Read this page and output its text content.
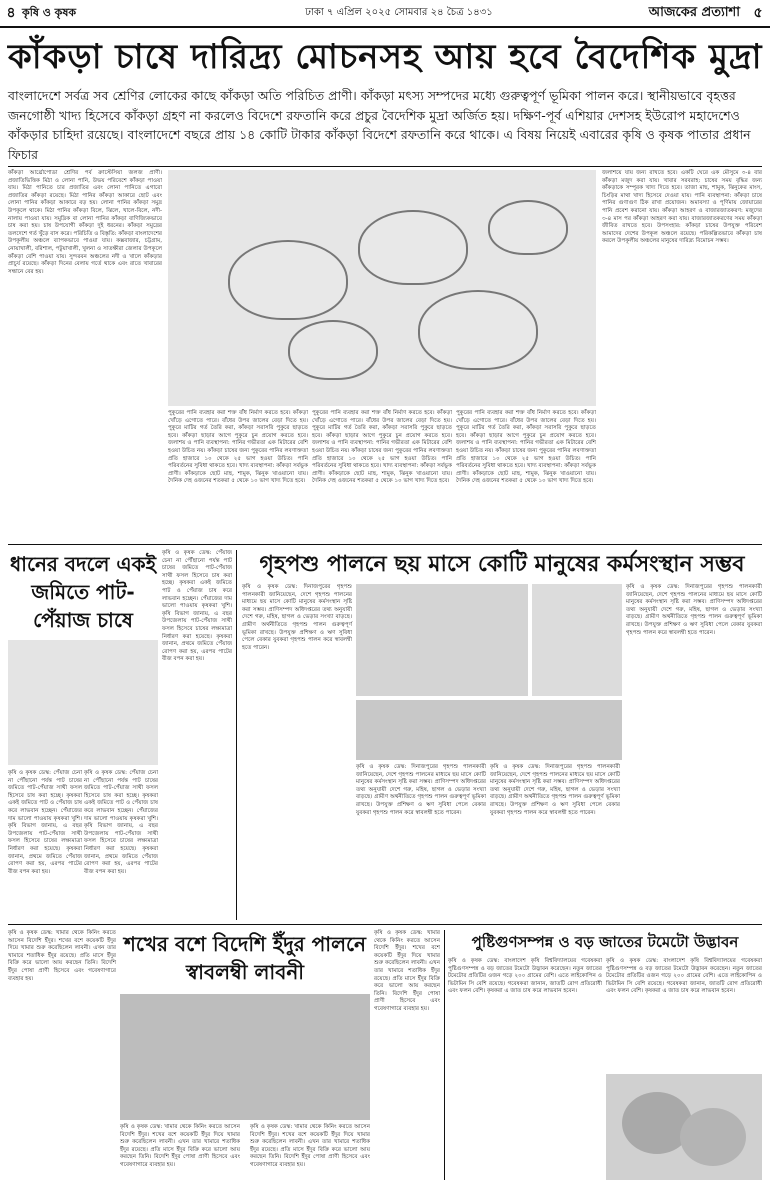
৪ কৃষি ও কৃষক	ঢাকা ৭ এপ্রিল ২০২৫ সোমবার ২৪ চৈত্র ১৪৩১	আজকের প্রত্যাশা ৫
কাঁকড়া চাষে দারিদ্র্য মোচনসহ আয় হবে বৈদেশিক মুদ্রা
বাংলাদেশে সর্বত্র সব শ্রেণির লোকের কাছে কাঁকড়া অতি পরিচিত প্রাণী। কাঁকড়া মৎস্য সম্পদের মধ্যে গুরুত্বপূর্ণ ভূমিকা পালন করে। স্থানীয়ভাবে বৃহত্তর জনগোষ্ঠী খাদ্য হিসেবে কাঁকড়া গ্রহণ না করলেও বিদেশে রফতানি করে প্রচুর বৈদেশিক মুদ্রা অর্জিত হয়। দক্ষিণ-পূর্ব এশিয়ার দেশসহ ইউরোপ মহাদেশেও কাঁকড়ার চাহিদা রয়েছে। বাংলাদেশে বছরে প্রায় ১৪ কোটি টাকার কাঁকড়া বিদেশে রফতানি করে থাকে। এ বিষয় নিয়েই এবারের কৃষি ও কৃষক পাতার প্রধান ফিচার
কাঁকড়া আর্থ্রোপোডা শ্রেণির পর্ব ক্রাস্টেসিয়া জলজ প্রাণী। প্রজাতিভিত্তিক মিঠা ও লোনা পানি, উভয় পরিবেশে কাঁকড়া পাওয়া যায়। মিঠা পানিতে চার প্রজাতির এবং লোনা পানিতে এগারো প্রজাতির কাঁকড়া রয়েছে। মিঠা পানির কাঁকড়া আকারে ছোট এবং লোনা পানির কাঁকড়া আকারে বড় হয়। লোনা পানির কাঁকড়া সমুদ্র উপকূলে থাকে। মিঠা পানির কাঁকড়া বিলে, ঝিলে, খালে-বিলে, নদী-নালায় পাওয়া যায়। সমুদ্রিক বা লোনা পানির কাঁকড়া বাণিজ্যিকভাবে চাষ করা হয়। চাষ উপযোগী কাঁকড়া দুই ধরনের। কাঁকড়া সমুদ্রের তলদেশে গর্ত খুঁড়ে বাস করে। পরিচিতি ও বিস্তৃতি: কাঁকড়া বাংলাদেশের উপকূলীয় অঞ্চলে ব্যাপকভাবে পাওয়া যায়। কক্সবাজার, চট্টগ্রাম, নোয়াখালী, বরিশাল, পটুয়াখালী, খুলনা ও সাতক্ষীরা জেলার উপকূলে কাঁকড়া বেশি পাওয়া যায়। সুন্দরবন অঞ্চলের নদী ও খালে কাঁকড়ার প্রাচুর্য রয়েছে। কাঁকড়া দিনের বেলায় গর্তে থাকে এবং রাতে খাবারের সন্ধানে বের হয়।
পুকুরের পানি ব্যবহার করা শক্ত বাঁধ নির্মাণ করতে হবে। কাঁকড়া খোঁড়ে এগোতে পারে। বাঁধের উপর জালের বেড়া দিতে হয়। পুকুরে মাটির গর্ত তৈরি করা, কাঁকড়া সরাসরি পুকুরে ছাড়তে হবে। কাঁকড়া ছাড়ার আগে পুকুরে চুন প্রয়োগ করতে হবে। জলাশয় ও পানি ব্যবস্থাপনা: পানির গভীরতা এক মিটারের বেশি হওয়া উচিত নয়। কাঁকড়া চাষের জন্য পুকুরের পানির লবণাক্ততা প্রতি হাজারে ১০ থেকে ২৫ ভাগ হওয়া উচিত। পানি পরিবর্তনের সুবিধা থাকতে হবে। খাদ্য ব্যবস্থাপনা: কাঁকড়া সর্বভুক প্রাণী। কাঁকড়াকে ছোট মাছ, শামুক, ঝিনুক খাওয়ানো যায়। দৈনিক দেহ ওজনের শতকরা ৫ থেকে ১০ ভাগ খাদ্য দিতে হবে।
পুকুরের পানি ব্যবহার করা শক্ত বাঁধ নির্মাণ করতে হবে। কাঁকড়া খোঁড়ে এগোতে পারে। বাঁধের উপর জালের বেড়া দিতে হয়। পুকুরে মাটির গর্ত তৈরি করা, কাঁকড়া সরাসরি পুকুরে ছাড়তে হবে। কাঁকড়া ছাড়ার আগে পুকুরে চুন প্রয়োগ করতে হবে। জলাশয় ও পানি ব্যবস্থাপনা: পানির গভীরতা এক মিটারের বেশি হওয়া উচিত নয়। কাঁকড়া চাষের জন্য পুকুরের পানির লবণাক্ততা প্রতি হাজারে ১০ থেকে ২৫ ভাগ হওয়া উচিত। পানি পরিবর্তনের সুবিধা থাকতে হবে। খাদ্য ব্যবস্থাপনা: কাঁকড়া সর্বভুক প্রাণী। কাঁকড়াকে ছোট মাছ, শামুক, ঝিনুক খাওয়ানো যায়। দৈনিক দেহ ওজনের শতকরা ৫ থেকে ১০ ভাগ খাদ্য দিতে হবে।
পুকুরের পানি ব্যবহার করা শক্ত বাঁধ নির্মাণ করতে হবে। কাঁকড়া খোঁড়ে এগোতে পারে। বাঁধের উপর জালের বেড়া দিতে হয়। পুকুরে মাটির গর্ত তৈরি করা, কাঁকড়া সরাসরি পুকুরে ছাড়তে হবে। কাঁকড়া ছাড়ার আগে পুকুরে চুন প্রয়োগ করতে হবে। জলাশয় ও পানি ব্যবস্থাপনা: পানির গভীরতা এক মিটারের বেশি হওয়া উচিত নয়। কাঁকড়া চাষের জন্য পুকুরের পানির লবণাক্ততা প্রতি হাজারে ১০ থেকে ২৫ ভাগ হওয়া উচিত। পানি পরিবর্তনের সুবিধা থাকতে হবে। খাদ্য ব্যবস্থাপনা: কাঁকড়া সর্বভুক প্রাণী। কাঁকড়াকে ছোট মাছ, শামুক, ঝিনুক খাওয়ানো যায়। দৈনিক দেহ ওজনের শতকরা ৫ থেকে ১০ ভাগ খাদ্য দিতে হবে।
জলাশয়ে যায় জন্য রাখতে হবে। একটি ঘেরে এক মৌসুমে ৩-৪ বার কাঁকড়া মজুদ করা যায়। খাবার সরবরাহ: চাষের সময় বৃদ্ধির জন্য কাঁকড়াকে সম্পূরক খাদ্য দিতে হবে। তাজা মাছ, শামুক, ঝিনুকের মাংস, চিংড়ির মাথা খাদ্য হিসেবে দেওয়া যায়। পানি ব্যবস্থাপনা: কাঁকড়া চাষে পানির গুণাগুণ ঠিক রাখা প্রয়োজন। অমাবস্যা ও পূর্ণিমায় জোয়ারের পানি প্রবেশ করানো যায়। কাঁকড়া আহরণ ও বাজারজাতকরণ: মজুদের ৩-৪ মাস পর কাঁকড়া আহরণ করা যায়। বাজারজাতকরণের সময় কাঁকড়া জীবিত রাখতে হবে। উপসংহার: কাঁকড়া চাষের উপযুক্ত পরিবেশ আমাদের দেশের উপকূল অঞ্চলে রয়েছে। পরিকল্পিতভাবে কাঁকড়া চাষ করলে উপকূলীয় অঞ্চলের মানুষের দারিদ্র্য বিমোচন সম্ভব।
ধানের বদলে একই জমিতে পাট-পেঁয়াজ চাষে
কৃষি ও কৃষক ডেস্ক: পেঁয়াজ চেনা না পৌঁছানো পর্যন্ত পাট চাষের জমিতে পাট-পেঁয়াজ সাথী ফসল হিসেবে চাষ করা হচ্ছে। কৃষকরা একই জমিতে পাট ও পেঁয়াজ চাষ করে লাভবান হচ্ছেন। পেঁয়াজের দাম ভালো পাওয়ায় কৃষকরা খুশি। কৃষি বিভাগ জানায়, এ বছর উপজেলায় পাট-পেঁয়াজ সাথী ফসল হিসেবে চাষের লক্ষ্যমাত্রা নির্ধারণ করা হয়েছে। কৃষকরা জানান, প্রথমে জমিতে পেঁয়াজ রোপণ করা হয়, এরপর পাটের বীজ বপন করা হয়।
কৃষি ও কৃষক ডেস্ক: পেঁয়াজ চেনা না পৌঁছানো পর্যন্ত পাট চাষের জমিতে পাট-পেঁয়াজ সাথী ফসল হিসেবে চাষ করা হচ্ছে। কৃষকরা একই জমিতে পাট ও পেঁয়াজ চাষ করে লাভবান হচ্ছেন। পেঁয়াজের দাম ভালো পাওয়ায় কৃষকরা খুশি। কৃষি বিভাগ জানায়, এ বছর উপজেলায় পাট-পেঁয়াজ সাথী ফসল হিসেবে চাষের লক্ষ্যমাত্রা নির্ধারণ করা হয়েছে। কৃষকরা জানান, প্রথমে জমিতে পেঁয়াজ রোপণ করা হয়, এরপর পাটের বীজ বপন করা হয়।
কৃষি ও কৃষক ডেস্ক: পেঁয়াজ চেনা না পৌঁছানো পর্যন্ত পাট চাষের জমিতে পাট-পেঁয়াজ সাথী ফসল হিসেবে চাষ করা হচ্ছে। কৃষকরা একই জমিতে পাট ও পেঁয়াজ চাষ করে লাভবান হচ্ছেন। পেঁয়াজের দাম ভালো পাওয়ায় কৃষকরা খুশি। কৃষি বিভাগ জানায়, এ বছর উপজেলায় পাট-পেঁয়াজ সাথী ফসল হিসেবে চাষের লক্ষ্যমাত্রা নির্ধারণ করা হয়েছে। কৃষকরা জানান, প্রথমে জমিতে পেঁয়াজ রোপণ করা হয়, এরপর পাটের বীজ বপন করা হয়।
গৃহপশু পালনে ছয় মাসে কোটি মানুষের কর্মসংস্থান সম্ভব
কৃষি ও কৃষক ডেস্ক: দিনাজপুরের গৃহপশু পালনকারী জানিয়েছেন, দেশে গৃহপশু পালনের মাধ্যমে ছয় মাসে কোটি মানুষের কর্মসংস্থান সৃষ্টি করা সম্ভব। প্রাণিসম্পদ অধিদপ্তরের তথ্য অনুযায়ী দেশে গরু, মহিষ, ছাগল ও ভেড়ার সংখ্যা বাড়ছে। গ্রামীণ অর্থনীতিতে গৃহপশু পালন গুরুত্বপূর্ণ ভূমিকা রাখছে। উপযুক্ত প্রশিক্ষণ ও ঋণ সুবিধা পেলে বেকার যুবকরা গৃহপশু পালন করে স্বাবলম্বী হতে পারেন।
কৃষি ও কৃষক ডেস্ক: দিনাজপুরের গৃহপশু পালনকারী জানিয়েছেন, দেশে গৃহপশু পালনের মাধ্যমে ছয় মাসে কোটি মানুষের কর্মসংস্থান সৃষ্টি করা সম্ভব। প্রাণিসম্পদ অধিদপ্তরের তথ্য অনুযায়ী দেশে গরু, মহিষ, ছাগল ও ভেড়ার সংখ্যা বাড়ছে। গ্রামীণ অর্থনীতিতে গৃহপশু পালন গুরুত্বপূর্ণ ভূমিকা রাখছে। উপযুক্ত প্রশিক্ষণ ও ঋণ সুবিধা পেলে বেকার যুবকরা গৃহপশু পালন করে স্বাবলম্বী হতে পারেন।
কৃষি ও কৃষক ডেস্ক: দিনাজপুরের গৃহপশু পালনকারী জানিয়েছেন, দেশে গৃহপশু পালনের মাধ্যমে ছয় মাসে কোটি মানুষের কর্মসংস্থান সৃষ্টি করা সম্ভব। প্রাণিসম্পদ অধিদপ্তরের তথ্য অনুযায়ী দেশে গরু, মহিষ, ছাগল ও ভেড়ার সংখ্যা বাড়ছে। গ্রামীণ অর্থনীতিতে গৃহপশু পালন গুরুত্বপূর্ণ ভূমিকা রাখছে। উপযুক্ত প্রশিক্ষণ ও ঋণ সুবিধা পেলে বেকার যুবকরা গৃহপশু পালন করে স্বাবলম্বী হতে পারেন।
কৃষি ও কৃষক ডেস্ক: দিনাজপুরের গৃহপশু পালনকারী জানিয়েছেন, দেশে গৃহপশু পালনের মাধ্যমে ছয় মাসে কোটি মানুষের কর্মসংস্থান সৃষ্টি করা সম্ভব। প্রাণিসম্পদ অধিদপ্তরের তথ্য অনুযায়ী দেশে গরু, মহিষ, ছাগল ও ভেড়ার সংখ্যা বাড়ছে। গ্রামীণ অর্থনীতিতে গৃহপশু পালন গুরুত্বপূর্ণ ভূমিকা রাখছে। উপযুক্ত প্রশিক্ষণ ও ঋণ সুবিধা পেলে বেকার যুবকরা গৃহপশু পালন করে স্বাবলম্বী হতে পারেন।
কৃষি ও কৃষক ডেস্ক: খামার থেকে কিনিং করতে আসেন বিদেশি ইঁদুর। শখের বশে কয়েকটি ইঁদুর দিয়ে খামার শুরু করেছিলেন লাবনী। এখন তার খামারে শতাধিক ইঁদুর রয়েছে। প্রতি মাসে ইঁদুর বিক্রি করে ভালো আয় করছেন তিনি। বিদেশি ইঁদুর পোষা প্রাণী হিসেবে এবং গবেষণাগারে ব্যবহার হয়।
শখের বশে বিদেশি ইঁদুর পালনে স্বাবলম্বী লাবনী
কৃষি ও কৃষক ডেস্ক: খামার থেকে কিনিং করতে আসেন বিদেশি ইঁদুর। শখের বশে কয়েকটি ইঁদুর দিয়ে খামার শুরু করেছিলেন লাবনী। এখন তার খামারে শতাধিক ইঁদুর রয়েছে। প্রতি মাসে ইঁদুর বিক্রি করে ভালো আয় করছেন তিনি। বিদেশি ইঁদুর পোষা প্রাণী হিসেবে এবং গবেষণাগারে ব্যবহার হয়।
কৃষি ও কৃষক ডেস্ক: খামার থেকে কিনিং করতে আসেন বিদেশি ইঁদুর। শখের বশে কয়েকটি ইঁদুর দিয়ে খামার শুরু করেছিলেন লাবনী। এখন তার খামারে শতাধিক ইঁদুর রয়েছে। প্রতি মাসে ইঁদুর বিক্রি করে ভালো আয় করছেন তিনি। বিদেশি ইঁদুর পোষা প্রাণী হিসেবে এবং গবেষণাগারে ব্যবহার হয়।
কৃষি ও কৃষক ডেস্ক: খামার থেকে কিনিং করতে আসেন বিদেশি ইঁদুর। শখের বশে কয়েকটি ইঁদুর দিয়ে খামার শুরু করেছিলেন লাবনী। এখন তার খামারে শতাধিক ইঁদুর রয়েছে। প্রতি মাসে ইঁদুর বিক্রি করে ভালো আয় করছেন তিনি। বিদেশি ইঁদুর পোষা প্রাণী হিসেবে এবং গবেষণাগারে ব্যবহার হয়।
পুষ্টিগুণসম্পন্ন ও বড় জাতের টমেটো উদ্ভাবন
কৃষি ও কৃষক ডেস্ক: বাংলাদেশ কৃষি বিশ্ববিদ্যালয়ের গবেষকরা পুষ্টিগুণসম্পন্ন ও বড় জাতের টমেটো উদ্ভাবন করেছেন। নতুন জাতের টমেটোর প্রতিটির ওজন গড়ে ২০০ গ্রামের বেশি। এতে লাইকোপিন ও ভিটামিন সি বেশি রয়েছে। গবেষকরা জানান, জাতটি রোগ প্রতিরোধী এবং ফলন বেশি। কৃষকরা এ জাত চাষ করে লাভবান হবেন।
কৃষি ও কৃষক ডেস্ক: বাংলাদেশ কৃষি বিশ্ববিদ্যালয়ের গবেষকরা পুষ্টিগুণসম্পন্ন ও বড় জাতের টমেটো উদ্ভাবন করেছেন। নতুন জাতের টমেটোর প্রতিটির ওজন গড়ে ২০০ গ্রামের বেশি। এতে লাইকোপিন ও ভিটামিন সি বেশি রয়েছে। গবেষকরা জানান, জাতটি রোগ প্রতিরোধী এবং ফলন বেশি। কৃষকরা এ জাত চাষ করে লাভবান হবেন।
